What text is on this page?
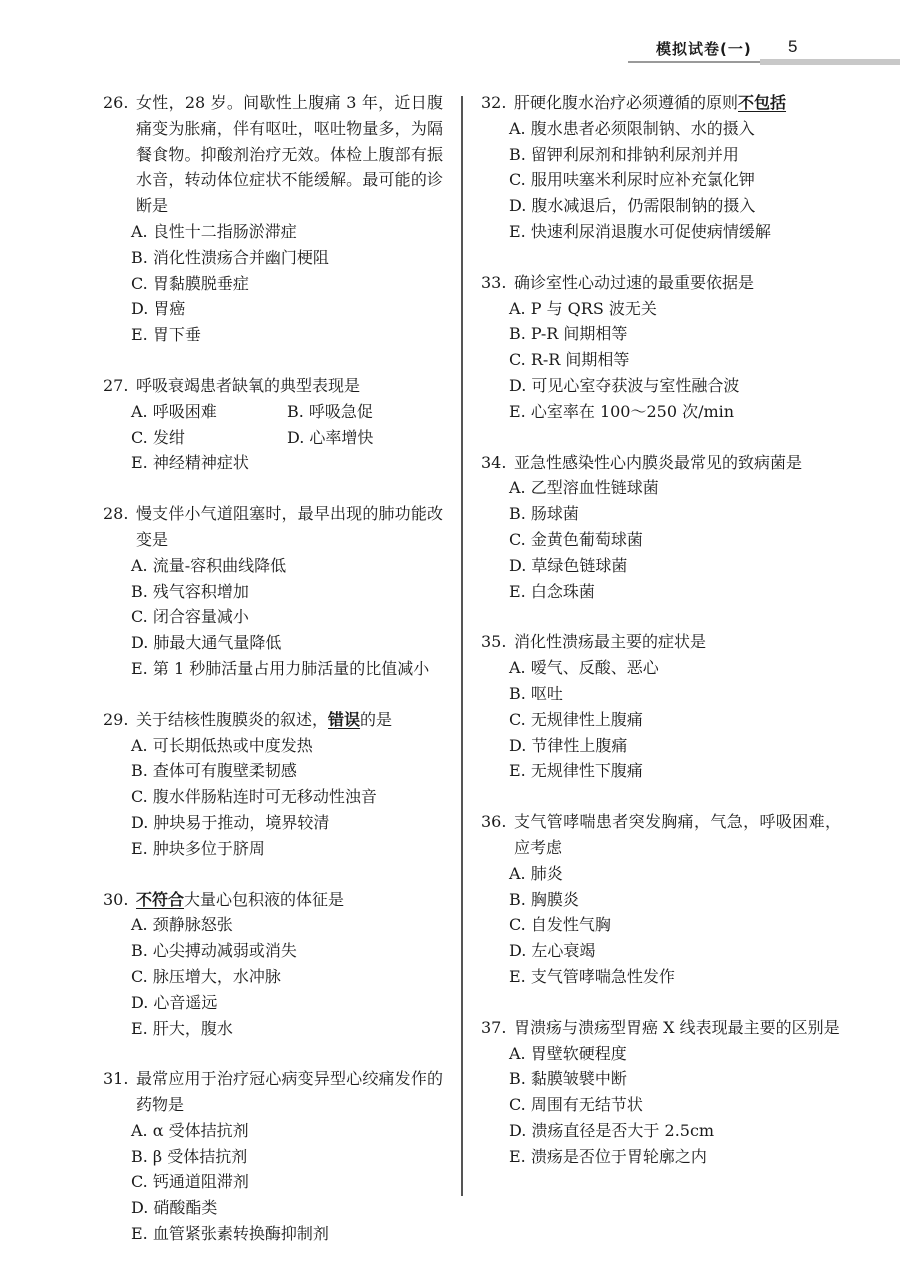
模拟试卷(一) 5
26. 女性，28 岁。间歇性上腹痛 3 年，近日腹痛变为胀痛，伴有呕吐，呕吐物量多，为隔餐食物。抑酸剂治疗无效。体检上腹部有振水音，转动体位症状不能缓解。最可能的诊断是
A. 良性十二指肠淤滞症
B. 消化性溃疡合并幽门梗阻
C. 胃黏膜脱垂症
D. 胃癌
E. 胃下垂
27. 呼吸衰竭患者缺氧的典型表现是
A. 呼吸困难	B. 呼吸急促
C. 发绀	D. 心率增快
E. 神经精神症状
28. 慢支伴小气道阻塞时，最早出现的肺功能改变是
A. 流量-容积曲线降低
B. 残气容积增加
C. 闭合容量减小
D. 肺最大通气量降低
E. 第 1 秒肺活量占用力肺活量的比值减小
29. 关于结核性腹膜炎的叙述，错误的是
A. 可长期低热或中度发热
B. 查体可有腹壁柔韧感
C. 腹水伴肠粘连时可无移动性浊音
D. 肿块易于推动，境界较清
E. 肿块多位于脐周
30. 不符合大量心包积液的体征是
A. 颈静脉怒张
B. 心尖搏动减弱或消失
C. 脉压增大，水冲脉
D. 心音遥远
E. 肝大，腹水
31. 最常应用于治疗冠心病变异型心绞痛发作的药物是
A. α 受体拮抗剂
B. β 受体拮抗剂
C. 钙通道阻滞剂
D. 硝酸酯类
E. 血管紧张素转换酶抑制剂
32. 肝硬化腹水治疗必须遵循的原则不包括
A. 腹水患者必须限制钠、水的摄入
B. 留钾利尿剂和排钠利尿剂并用
C. 服用呋塞米利尿时应补充氯化钾
D. 腹水减退后，仍需限制钠的摄入
E. 快速利尿消退腹水可促使病情缓解
33. 确诊室性心动过速的最重要依据是
A. P 与 QRS 波无关
B. P-R 间期相等
C. R-R 间期相等
D. 可见心室夺获波与室性融合波
E. 心室率在 100～250 次/min
34. 亚急性感染性心内膜炎最常见的致病菌是
A. 乙型溶血性链球菌
B. 肠球菌
C. 金黄色葡萄球菌
D. 草绿色链球菌
E. 白念珠菌
35. 消化性溃疡最主要的症状是
A. 嗳气、反酸、恶心
B. 呕吐
C. 无规律性上腹痛
D. 节律性上腹痛
E. 无规律性下腹痛
36. 支气管哮喘患者突发胸痛，气急，呼吸困难，应考虑
A. 肺炎
B. 胸膜炎
C. 自发性气胸
D. 左心衰竭
E. 支气管哮喘急性发作
37. 胃溃疡与溃疡型胃癌 X 线表现最主要的区别是
A. 胃壁软硬程度
B. 黏膜皱襞中断
C. 周围有无结节状
D. 溃疡直径是否大于 2.5cm
E. 溃疡是否位于胃轮廓之内
